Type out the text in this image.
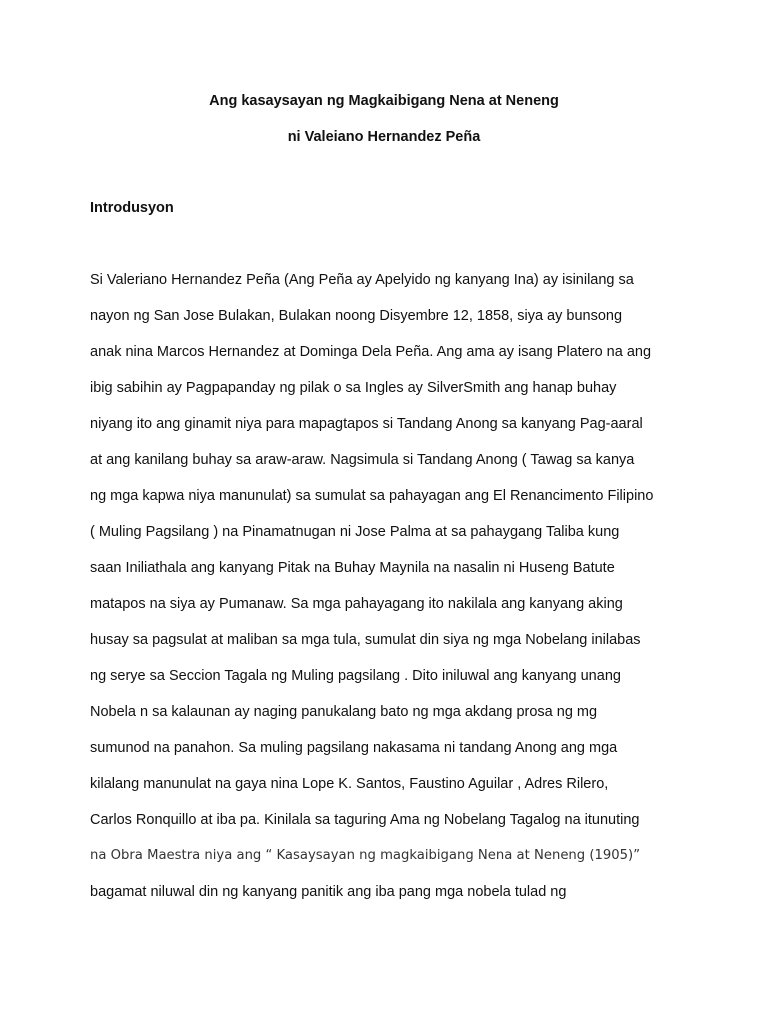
Ang kasaysayan ng Magkaibigang Nena at Neneng
ni Valeiano Hernandez Peña
Introdusyon
Si Valeriano Hernandez Peña (Ang Peña ay Apelyido ng kanyang Ina) ay isinilang sa
nayon ng San Jose Bulakan, Bulakan noong Disyembre 12, 1858, siya ay bunsong
anak nina Marcos Hernandez at Dominga Dela Peña. Ang ama ay isang Platero na ang
ibig sabihin ay Pagpapanday ng pilak o sa Ingles ay SilverSmith ang hanap buhay
niyang ito ang ginamit niya para mapagtapos si Tandang Anong sa kanyang Pag-aaral
at ang kanilang buhay sa araw-araw. Nagsimula si Tandang Anong ( Tawag sa kanya
ng mga kapwa niya manunulat) sa sumulat sa pahayagan ang El Renancimento Filipino
( Muling Pagsilang ) na Pinamatnugan ni Jose Palma at sa pahaygang Taliba kung
saan Iniliathala ang kanyang Pitak na Buhay Maynila na nasalin ni Huseng Batute
matapos na siya ay Pumanaw. Sa mga pahayagang ito nakilala ang kanyang aking
husay sa pagsulat at maliban sa mga tula, sumulat din siya ng mga Nobelang inilabas
ng serye sa Seccion Tagala ng Muling pagsilang . Dito iniluwal ang kanyang unang
Nobela n sa kalaunan ay naging panukalang bato ng mga akdang prosa ng mg
sumunod na panahon. Sa muling pagsilang nakasama ni tandang Anong ang mga
kilalang manunulat na gaya nina Lope K. Santos, Faustino Aguilar , Adres Rilero,
Carlos Ronquillo at iba pa. Kinilala sa taguring Ama ng Nobelang Tagalog na itunuting
na Obra Maestra niya ang “ Kasaysayan ng magkaibigang Nena at Neneng (1905)”
bagamat niluwal din ng kanyang panitik ang iba pang mga nobela tulad ng
